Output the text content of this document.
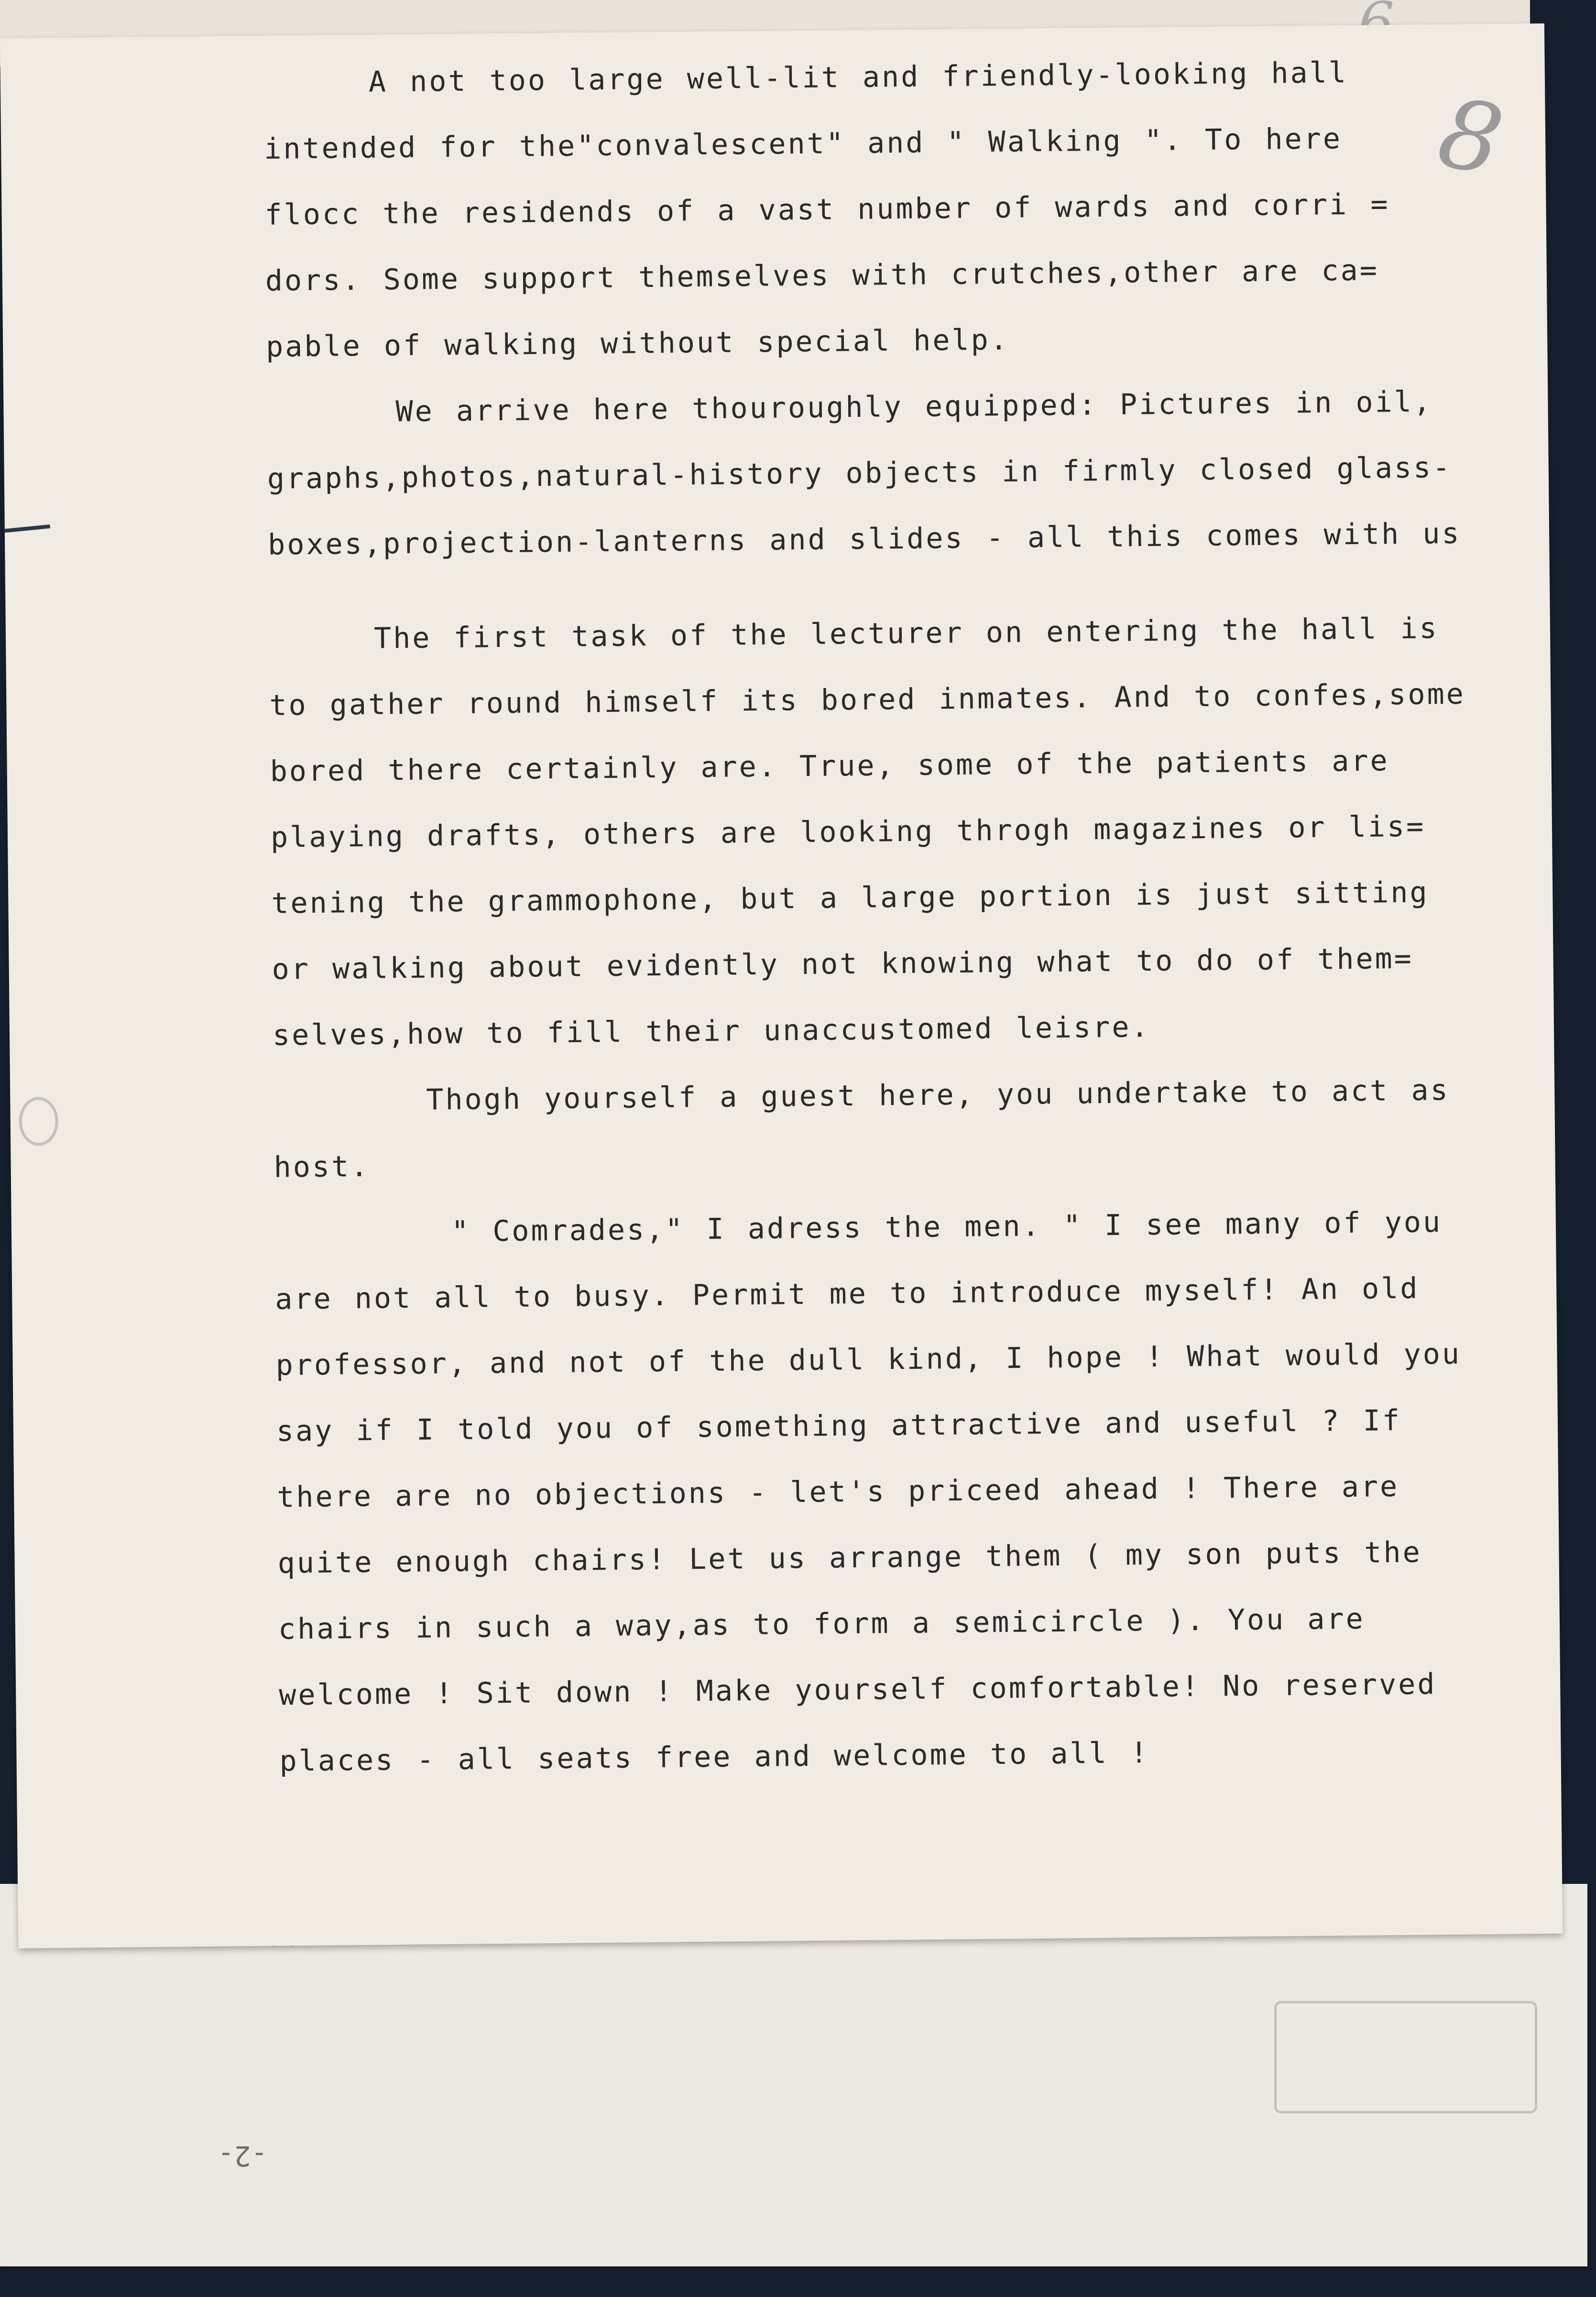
-2-
A not too large well-lit and friendly-looking hall
intended for the"convalescent" and " Walking ". To here
flocc the residends of a vast number of wards and corri =
dors. Some support themselves with crutches,other are ca=
pable of walking without special help.
We arrive here thouroughly equipped: Pictures in oil,
graphs,photos,natural-history objects in firmly closed glass-
boxes,projection-lanterns and slides - all this comes with us
The first task of the lecturer on entering the hall is
to gather round himself its bored inmates. And to confes,some
bored there certainly are. True, some of the patients are
playing drafts, others are looking throgh magazines or lis=
tening the grammophone, but a large portion is just sitting
or walking about evidently not knowing what to do of them=
selves,how to fill their unaccustomed leisre.
Thogh yourself a guest here, you undertake to act as
host.
" Comrades," I adress the men. " I see many of you
are not all to busy. Permit me to introduce myself! An old
professor, and not of the dull kind, I hope ! What would you
say if I told you of something attractive and useful ? If
there are no objections - let's priceed ahead ! There are
quite enough chairs! Let us arrange them ( my son puts the
chairs in such a way,as to form a semicircle ). You are
welcome ! Sit down ! Make yourself comfortable! No reserved
places - all seats free and welcome to all !
8
